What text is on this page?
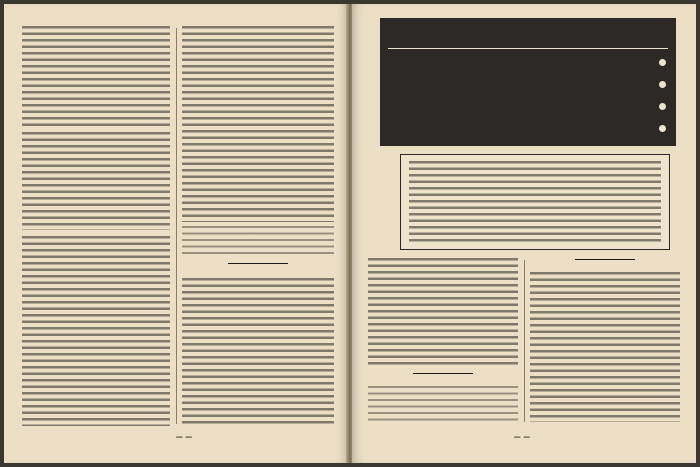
— —
— —
